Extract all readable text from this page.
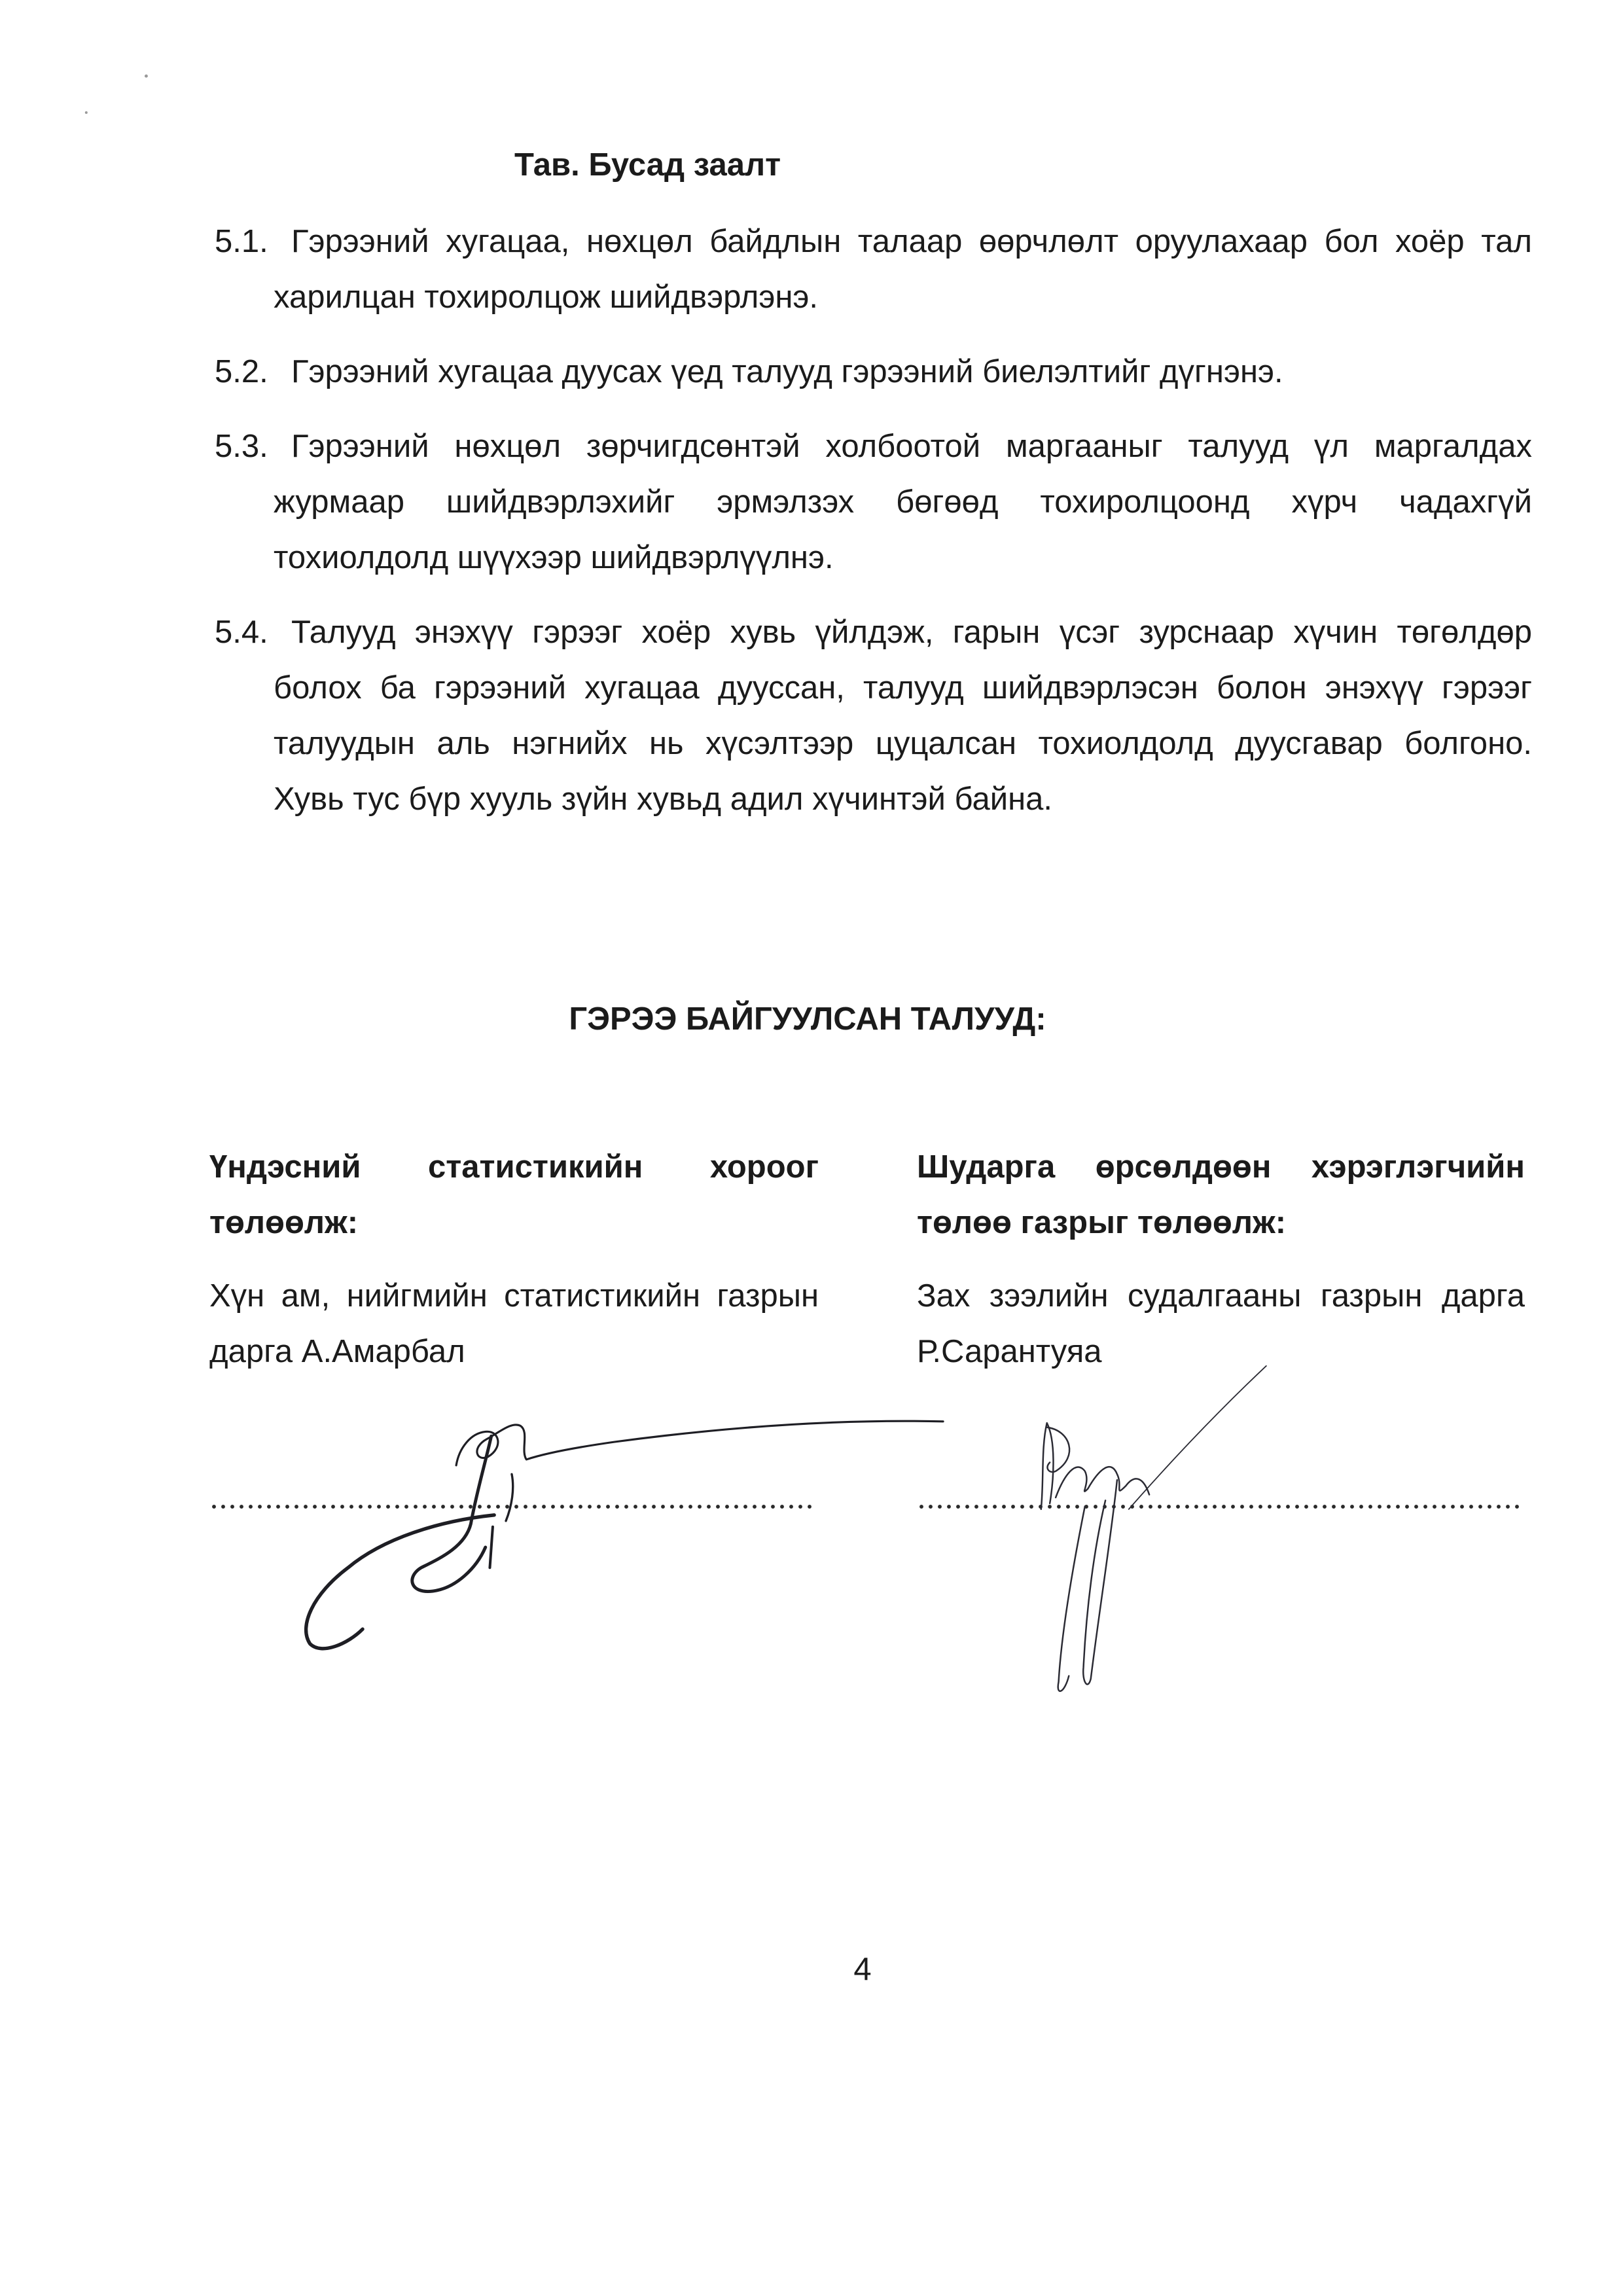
Тав. Бусад заалт
5.1. Гэрээний хугацаа, нөхцөл байдлын талаар өөрчлөлт оруулахаар бол хоёр тал
харилцан тохиролцож шийдвэрлэнэ.
5.2. Гэрээний хугацаа дуусах үед талууд гэрээний биелэлтийг дүгнэнэ.
5.3. Гэрээний нөхцөл зөрчигдсөнтэй холбоотой маргааныг талууд үл маргалдах
журмаар шийдвэрлэхийг эрмэлзэх бөгөөд тохиролцоонд хүрч чадахгүй
тохиолдолд шүүхээр шийдвэрлүүлнэ.
5.4. Талууд энэхүү гэрээг хоёр хувь үйлдэж, гарын үсэг зурснаар хүчин төгөлдөр
болох ба гэрээний хугацаа дууссан, талууд шийдвэрлэсэн болон энэхүү гэрээг
талуудын аль нэгнийх нь хүсэлтээр цуцалсан тохиолдолд дуусгавар болгоно.
Хувь тус бүр хууль зүйн хувьд адил хүчинтэй байна.
ГЭРЭЭ БАЙГУУЛСАН ТАЛУУД:
Үндэсний статистикийн хороог
төлөөлж:
Хүн ам, нийгмийн статистикийн газрын
дарга А.Амарбал
Шударга өрсөлдөөн хэрэглэгчийн
төлөө газрыг төлөөлж:
Зах зээлийн судалгааны газрын дарга
Р.Сарантуяа
4
